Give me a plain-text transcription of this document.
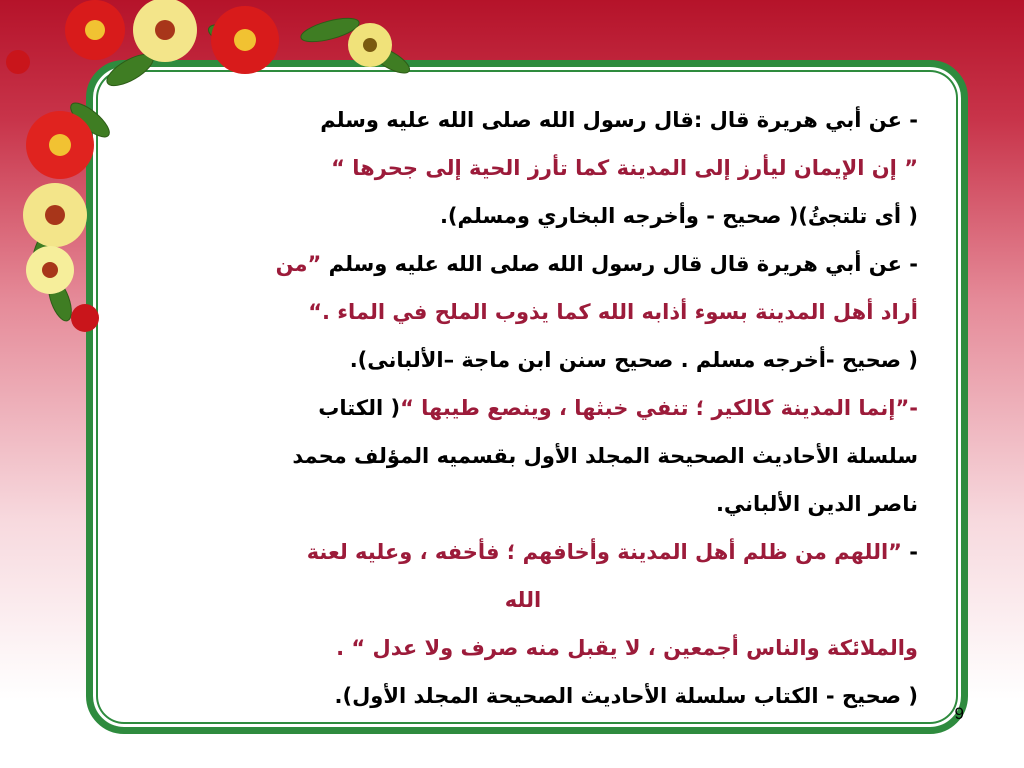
- عن أبي هريرة قال :قال رسول الله صلى الله عليه وسلم
” إن الإيمان ليأرز إلى المدينة كما تأرز الحية إلى جحرها “
( أى تلتجئُ)( صحيح - وأخرجه البخاري ومسلم).
- عن أبي هريرة قال قال رسول الله صلى الله عليه وسلم ”من
أراد أهل المدينة بسوء أذابه الله كما يذوب الملح في الماء .“
( صحيح -أخرجه مسلم . صحيح سنن ابن ماجة –الألبانى).
-”إنما المدينة كالكير ؛ تنفي خبثها ، وينصع طيبها “( الكتاب
سلسلة الأحاديث الصحيحة المجلد الأول بقسميه المؤلف محمد
ناصر الدين الألباني.
- ”اللهم من ظلم أهل المدينة وأخافهم ؛ فأخفه ، وعليه لعنة
الله
والملائكة والناس أجمعين ، لا يقبل منه صرف ولا عدل “ .
( صحيح - الكتاب سلسلة الأحاديث الصحيحة المجلد الأول).
9
